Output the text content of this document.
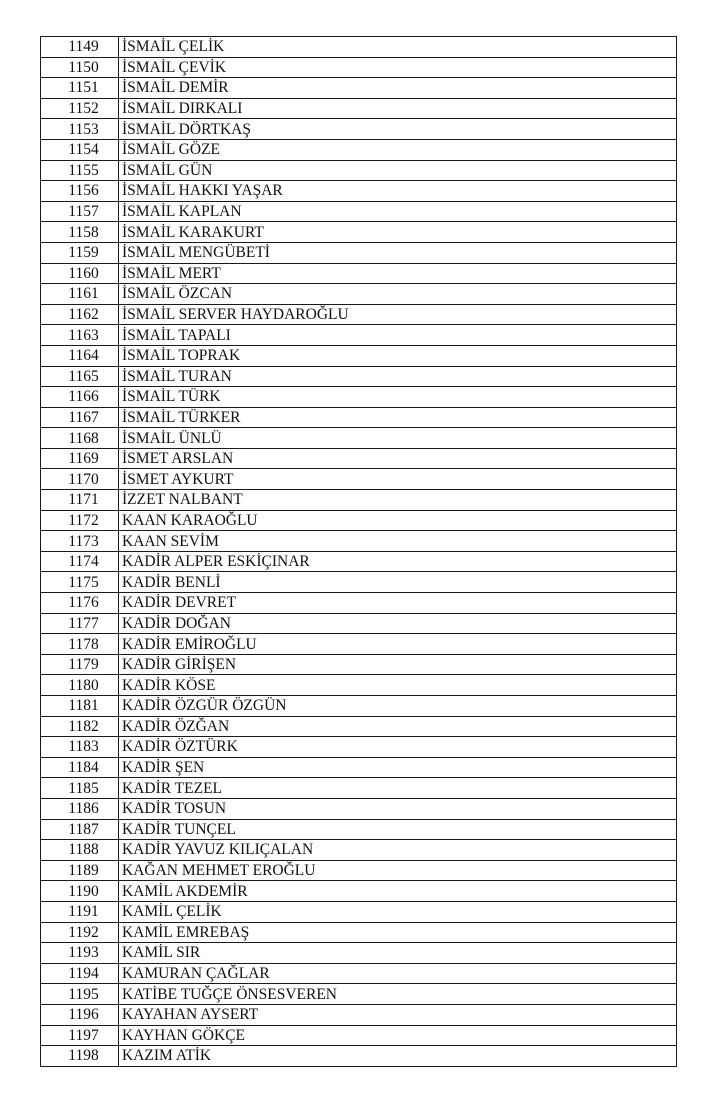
1149	İSMAİL ÇELİK
1150	İSMAİL ÇEVİK
1151	İSMAİL DEMİR
1152	İSMAİL DIRKALI
1153	İSMAİL DÖRTKAŞ
1154	İSMAİL GÖZE
1155	İSMAİL GÜN
1156	İSMAİL HAKKI YAŞAR
1157	İSMAİL KAPLAN
1158	İSMAİL KARAKURT
1159	İSMAİL MENGÜBETİ
1160	İSMAİL MERT
1161	İSMAİL ÖZCAN
1162	İSMAİL SERVER HAYDAROĞLU
1163	İSMAİL TAPALI
1164	İSMAİL TOPRAK
1165	İSMAİL TURAN
1166	İSMAİL TÜRK
1167	İSMAİL TÜRKER
1168	İSMAİL ÜNLÜ
1169	İSMET ARSLAN
1170	İSMET AYKURT
1171	İZZET NALBANT
1172	KAAN KARAOĞLU
1173	KAAN SEVİM
1174	KADİR ALPER ESKİÇINAR
1175	KADİR BENLİ
1176	KADİR DEVRET
1177	KADİR DOĞAN
1178	KADİR EMİROĞLU
1179	KADİR GİRİŞEN
1180	KADİR KÖSE
1181	KADİR ÖZGÜR ÖZGÜN
1182	KADİR ÖZĞAN
1183	KADİR ÖZTÜRK
1184	KADİR ŞEN
1185	KADİR TEZEL
1186	KADİR TOSUN
1187	KADİR TUNÇEL
1188	KADİR YAVUZ KILIÇALAN
1189	KAĞAN MEHMET EROĞLU
1190	KAMİL AKDEMİR
1191	KAMİL ÇELİK
1192	KAMİL EMREBAŞ
1193	KAMİL SIR
1194	KAMURAN ÇAĞLAR
1195	KATİBE TUĞÇE ÖNSESVEREN
1196	KAYAHAN AYSERT
1197	KAYHAN GÖKÇE
1198	KAZIM ATİK
